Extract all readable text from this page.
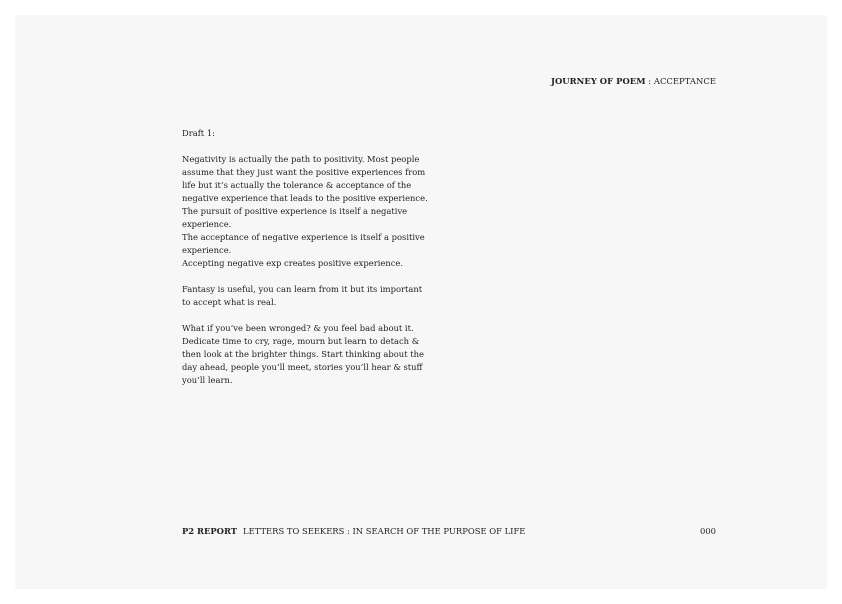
JOURNEY OF POEM : ACCEPTANCE
Draft 1:
Negativity is actually the path to positivity. Most people
assume that they just want the positive experiences from
life but it’s actually the tolerance & acceptance of the
negative experience that leads to the positive experience.
The pursuit of positive experience is itself a negative
experience.
The acceptance of negative experience is itself a positive
experience.
Accepting negative exp creates positive experience.
Fantasy is useful, you can learn from it but its important
to accept what is real.
What if you’ve been wronged? & you feel bad about it.
Dedicate time to cry, rage, mourn but learn to detach &
then look at the brighter things. Start thinking about the
day ahead, people you’ll meet, stories you’ll hear & stuff
you’ll learn.
P2 REPORT LETTERS TO SEEKERS : IN SEARCH OF THE PURPOSE OF LIFE	000
